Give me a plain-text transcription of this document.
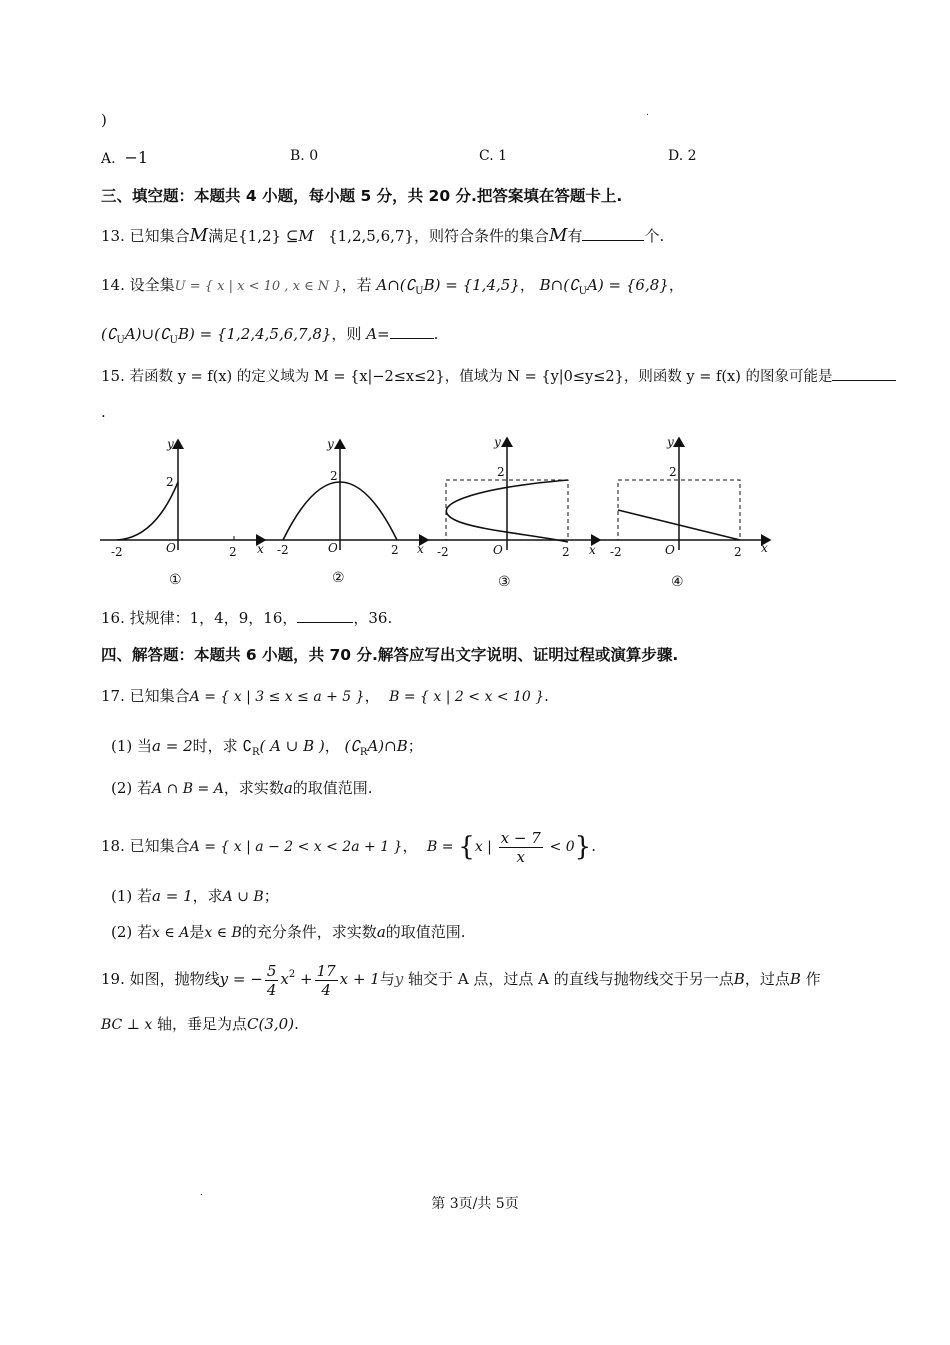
)	.
A. −1	B. 0	C. 1	D. 2
三、填空题：本题共 4 小题，每小题 5 分，共 20 分.把答案填在答题卡上.
13. 已知集合M满足{1,2} ⊆M {1,2,5,6,7}，则符合条件的集合M有	个.
14. 设全集U = { x | x < 10 , x ∈ N }，若 $A\cap(∁_UB) = \{1,4,5\}$， $B\cap(∁_UA) = \{6,8\}$，
$(∁_UA)\cup(∁_UB) = \{1,2,4,5,6,7,8\}$，则 A=	.
15. 若函数 y = f(x) 的定义域为 M = {x|−2≤x≤2}，值域为 N = {y|0≤y≤2}，则函数 y = f(x) 的图象可能是
.
y
x
O
2
-2	2
①
y
x
O
2
-2	2
②
y
x
O
2
-2	2
③
y
x
O
2
-2	2
④
16. 找规律：1，4，9，16，	，36.
四、解答题：本题共 6 小题，共 70 分.解答应写出文字说明、证明过程或演算步骤.
17. 已知集合A = { x | 3 ≤ x ≤ a + 5 }， B = { x | 2 < x < 10 }.
(1) 当a = 2时，求 $∁_R$( A ∪ B )， $(∁_RA)\cap B$；
(2) 若A ∩ B = A，求实数a的取值范围.
18. 已知集合A = { x | a − 2 < x < 2a + 1 }， B = {x | $\frac{x - 7}{x} < 0$}.
(1) 若a = 1，求A ∪ B；
(2) 若x ∈ A是x ∈ B的充分条件，求实数a的取值范围.
19. 如图，抛物线y = − $\frac{5}{4} x^2 + \frac{17}{4}$ x + 1与y 轴交于 A 点，过点 A 的直线与抛物线交于另一点B，过点B 作
BC ⊥ x 轴，垂足为点C(3,0).
.
第 3页/共 5页
